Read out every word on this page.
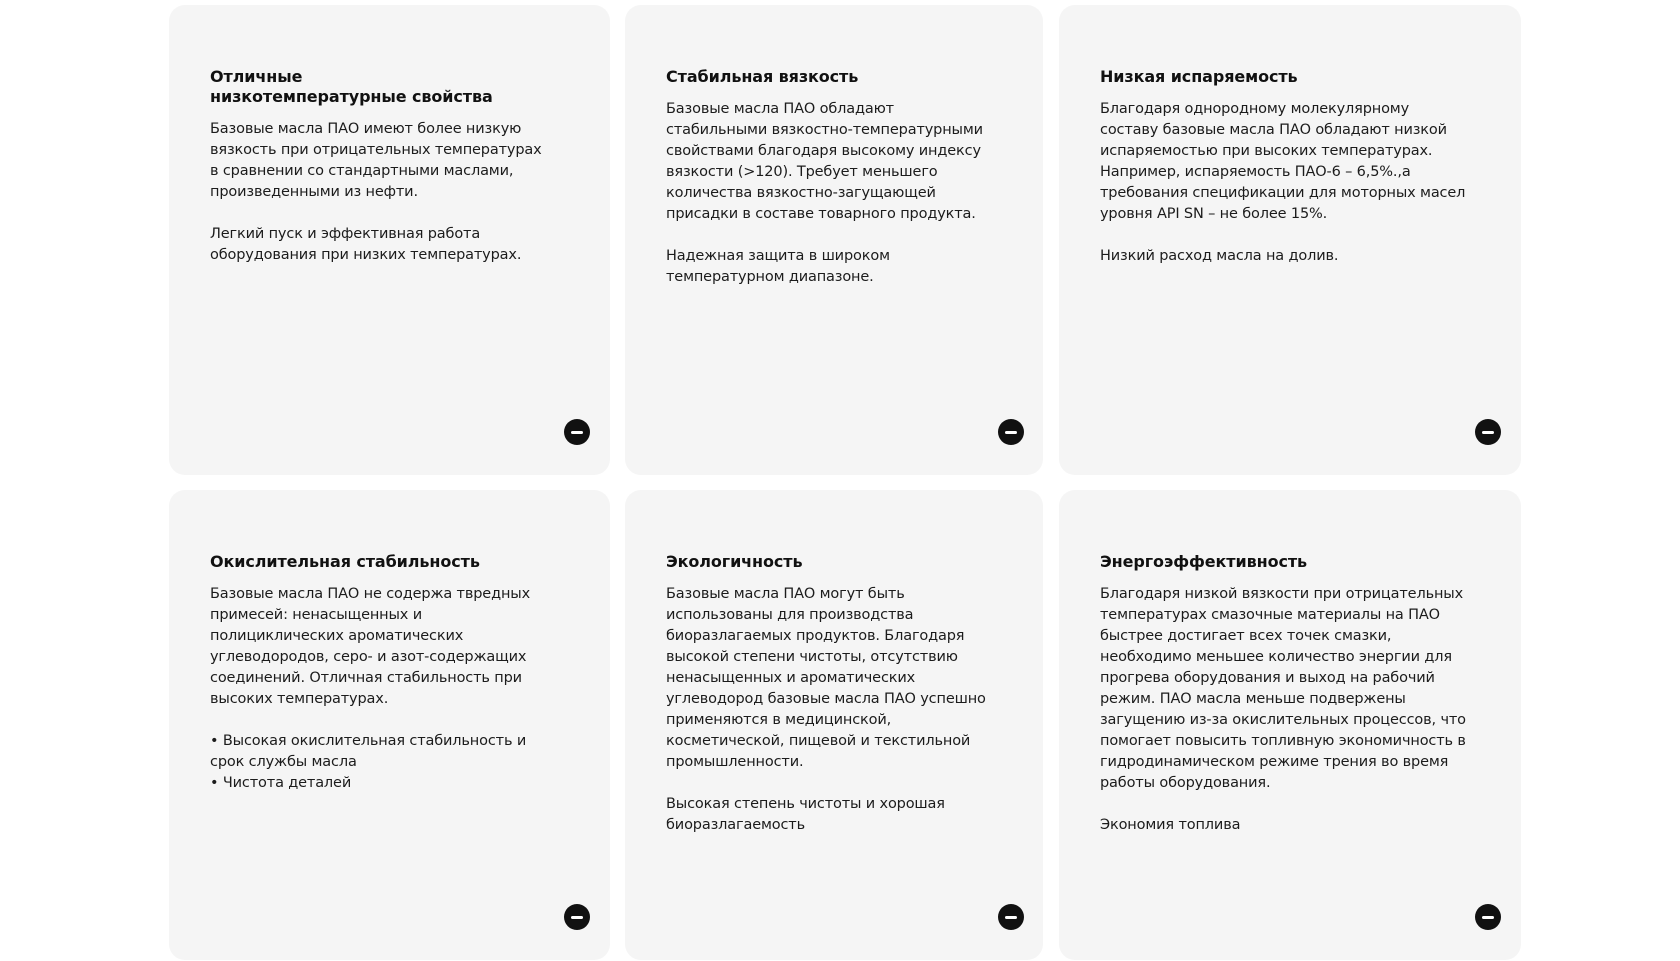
Отличные низкотемпературные свойства

Базовые масла ПАО имеют более низкую вязкость при отрицательных температурах в сравнении со стандартными маслами, произведенными из нефти.

Легкий пуск и эффективная работа оборудования при низких температурах.

Стабильная вязкость

Базовые масла ПАО обладают стабильными вязкостно-температурными свойствами благодаря высокому индексу вязкости (>120). Требует меньшего количества вязкостно-загущающей присадки в составе товарного продукта.

Надежная защита в широком температурном диапазоне.

Низкая испаряемость

Благодаря однородному молекулярному составу базовые масла ПАО обладают низкой испаряемостью при высоких температурах. Например, испаряемость ПАО-6 – 6,5%.,а требования спецификации для моторных масел уровня API SN – не более 15%.

Низкий расход масла на долив.

Окислительная стабильность

Базовые масла ПАО не содержа твредных примесей: ненасыщенных и полициклических ароматических углеводородов, серо- и азот-содержащих соединений. Отличная стабильность при высоких температурах.

• Высокая окислительная стабильность и срок службы масла
• Чистота деталей

Экологичность

Базовые масла ПАО могут быть использованы для производства биоразлагаемых продуктов. Благодаря высокой степени чистоты, отсутствию ненасыщенных и ароматических углеводород базовые масла ПАО успешно применяются в медицинской, косметической, пищевой и текстильной промышленности.

Высокая степень чистоты и хорошая биоразлагаемость

Энергоэффективность

Благодаря низкой вязкости при отрицательных температурах смазочные материалы на ПАО быстрее достигает всех точек смазки, необходимо меньшее количество энергии для прогрева оборудования и выход на рабочий режим. ПАО масла меньше подвержены загущению из-за окислительных процессов, что помогает повысить топливную экономичность в гидродинамическом режиме трения во время работы оборудования.

Экономия топлива
